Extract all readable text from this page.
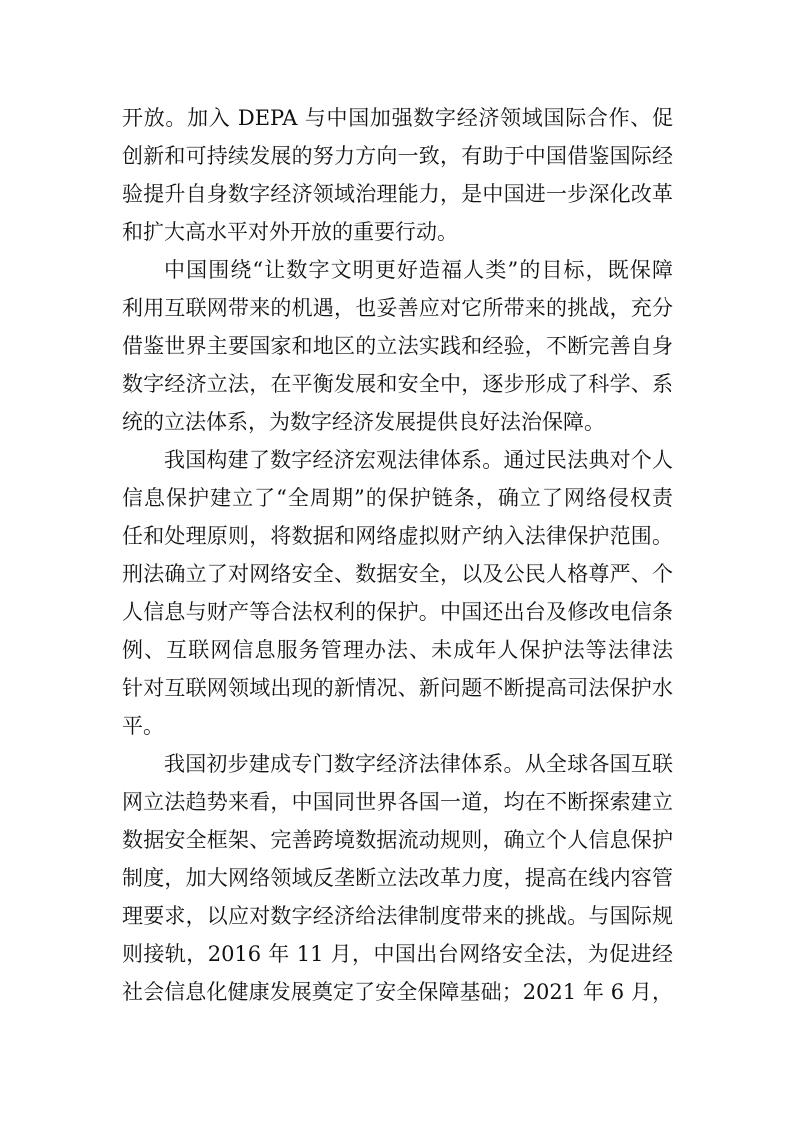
开放。加入 DEPA 与中国加强数字经济领域国际合作、促
创新和可持续发展的努力方向一致，有助于中国借鉴国际经
验提升自身数字经济领域治理能力，是中国进一步深化改革
和扩大高水平对外开放的重要行动。
中国围绕“让数字文明更好造福人类”的目标，既保障
利用互联网带来的机遇，也妥善应对它所带来的挑战，充分
借鉴世界主要国家和地区的立法实践和经验，不断完善自身
数字经济立法，在平衡发展和安全中，逐步形成了科学、系
统的立法体系，为数字经济发展提供良好法治保障。
我国构建了数字经济宏观法律体系。通过民法典对个人
信息保护建立了“全周期”的保护链条，确立了网络侵权责
任和处理原则，将数据和网络虚拟财产纳入法律保护范围。
刑法确立了对网络安全、数据安全，以及公民人格尊严、个
人信息与财产等合法权利的保护。中国还出台及修改电信条
例、互联网信息服务管理办法、未成年人保护法等法律法
针对互联网领域出现的新情况、新问题不断提高司法保护水
平。
我国初步建成专门数字经济法律体系。从全球各国互联
网立法趋势来看，中国同世界各国一道，均在不断探索建立
数据安全框架、完善跨境数据流动规则，确立个人信息保护
制度，加大网络领域反垄断立法改革力度，提高在线内容管
理要求，以应对数字经济给法律制度带来的挑战。与国际规
则接轨，2016 年 11 月，中国出台网络安全法，为促进经
社会信息化健康发展奠定了安全保障基础；2021 年 6 月，
